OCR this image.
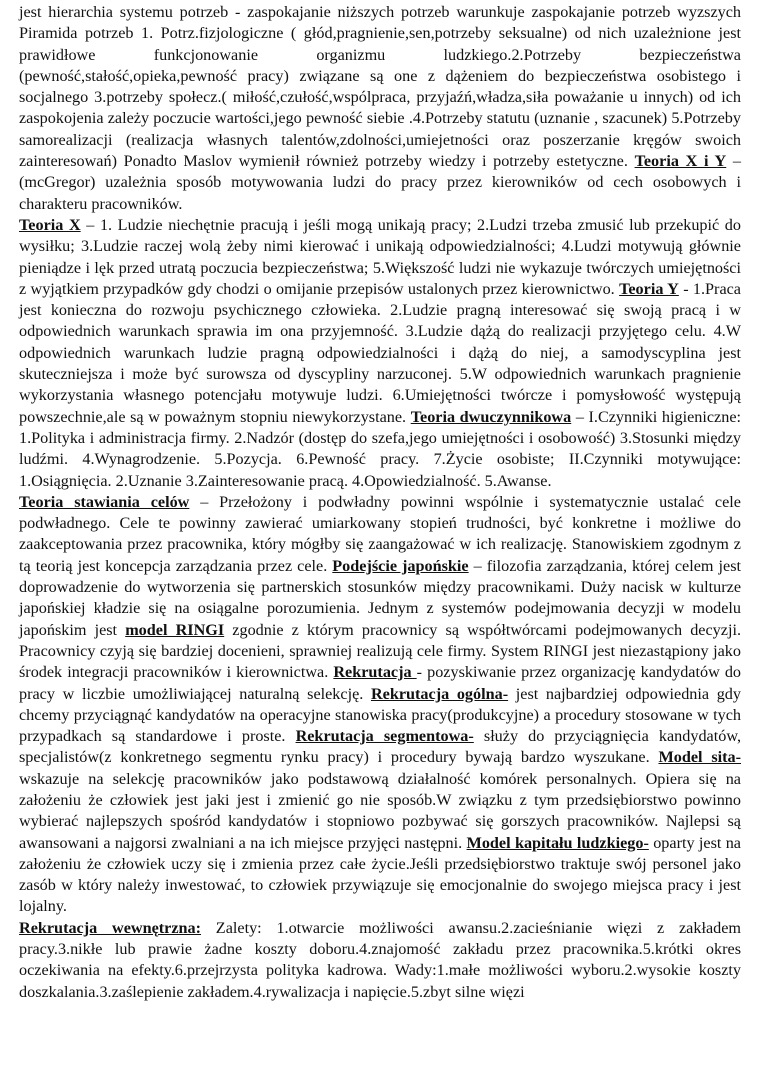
jest hierarchia systemu potrzeb - zaspokajanie niższych potrzeb warunkuje zaspokajanie potrzeb wyzszych Piramida potrzeb 1. Potrz.fizjologiczne ( głód,pragnienie,sen,potrzeby seksualne) od nich uzależnione jest prawidłowe funkcjonowanie organizmu ludzkiego.2.Potrzeby bezpieczeństwa (pewność,stałość,opieka,pewność pracy) związane są one z dążeniem do bezpieczeństwa osobistego i socjalnego 3.potrzeby społecz.( miłość,czułość,wspólpraca, przyjaźń,władza,siła poważanie u innych) od ich zaspokojenia zależy poczucie wartości,jego pewność siebie .4.Potrzeby statutu (uznanie , szacunek) 5.Potrzeby samorealizacji (realizacja własnych talentów,zdolności,umiejetności oraz poszerzanie kręgów swoich zainteresowań) Ponadto Maslov wymienił również potrzeby wiedzy i potrzeby estetyczne. Teoria X i Y – (mcGregor) uzależnia sposób motywowania ludzi do pracy przez kierowników od cech osobowych i charakteru pracowników.

Teoria X – 1. Ludzie niechętnie pracują i jeśli mogą unikają pracy; 2.Ludzi trzeba zmusić lub przekupić do wysiłku; 3.Ludzie raczej wolą żeby nimi kierować i unikają odpowiedzialności; 4.Ludzi motywują głównie pieniądze i lęk przed utratą poczucia bezpieczeństwa; 5.Większość ludzi nie wykazuje twórczych umiejętności z wyjątkiem przypadków gdy chodzi o omijanie przepisów ustalonych przez kierownictwo. Teoria Y - 1.Praca jest konieczna do rozwoju psychicznego człowieka. 2.Ludzie pragną interesować się swoją pracą i w odpowiednich warunkach sprawia im ona przyjemność. 3.Ludzie dążą do realizacji przyjętego celu. 4.W odpowiednich warunkach ludzie pragną odpowiedzialności i dążą do niej, a samodyscyplina jest skuteczniejsza i może być surowsza od dyscypliny narzuconej. 5.W odpowiednich warunkach pragnienie wykorzystania własnego potencjału motywuje ludzi. 6.Umiejętności twórcze i pomysłowość występują powszechnie,ale są w poważnym stopniu niewykorzystane. Teoria dwuczynnikowa – I.Czynniki higieniczne: 1.Polityka i administracja firmy. 2.Nadzór (dostęp do szefa,jego umiejętności i osobowość) 3.Stosunki między ludźmi. 4.Wynagrodzenie. 5.Pozycja. 6.Pewność pracy. 7.Życie osobiste; II.Czynniki motywujące: 1.Osiągnięcia. 2.Uznanie 3.Zainteresowanie pracą. 4.Opowiedzialność. 5.Awanse.

Teoria stawiania celów – Przełożony i podwładny powinni wspólnie i systematycznie ustalać cele podwładnego. Cele te powinny zawierać umiarkowany stopień trudności, być konkretne i możliwe do zaakceptowania przez pracownika, który mógłby się zaangażować w ich realizację. Stanowiskiem zgodnym z tą teorią jest koncepcja zarządzania przez cele. Podejście japońskie – filozofia zarządzania, której celem jest doprowadzenie do wytworzenia się partnerskich stosunków między pracownikami. Duży nacisk w kulturze japońskiej kładzie się na osiągalne porozumienia. Jednym z systemów podejmowania decyzji w modelu japońskim jest model RINGI zgodnie z którym pracownicy są współtwórcami podejmowanych decyzji. Pracownicy czyją się bardziej docenieni, sprawniej realizują cele firmy. System RINGI jest niezastąpiony jako środek integracji pracowników i kierownictwa. Rekrutacja - pozyskiwanie przez organizację kandydatów do pracy w liczbie umożliwiającej naturalną selekcję. Rekrutacja ogólna- jest najbardziej odpowiednia gdy chcemy przyciągnąć kandydatów na operacyjne stanowiska pracy(produkcyjne) a procedury stosowane w tych przypadkach są standardowe i proste. Rekrutacja segmentowa- służy do przyciągnięcia kandydatów, specjalistów(z konkretnego segmentu rynku pracy) i procedury bywają bardzo wyszukane. Model sita- wskazuje na selekcję pracowników jako podstawową działalność komórek personalnych. Opiera się na założeniu że człowiek jest jaki jest i zmienić go nie sposób.W związku z tym przedsiębiorstwo powinno wybierać najlepszych spośród kandydatów i stopniowo pozbywać się gorszych pracowników. Najlepsi są awansowani a najgorsi zwalniani a na ich miejsce przyjęci następni. Model kapitału ludzkiego- oparty jest na założeniu że człowiek uczy się i zmienia przez całe życie.Jeśli przedsiębiorstwo traktuje swój personel jako zasób w który należy inwestować, to człowiek przywiązuje się emocjonalnie do swojego miejsca pracy i jest lojalny.

Rekrutacja wewnętrzna: Zalety: 1.otwarcie możliwości awansu.2.zacieśnianie więzi z zakładem pracy.3.nikłe lub prawie żadne koszty doboru.4.znajomość zakładu przez pracownika.5.krótki okres oczekiwania na efekty.6.przejrzysta polityka kadrowa. Wady:1.małe możliwości wyboru.2.wysokie koszty doszkalania.3.zaślepienie zakładem.4.rywalizacja i napięcie.5.zbyt silne więzi
